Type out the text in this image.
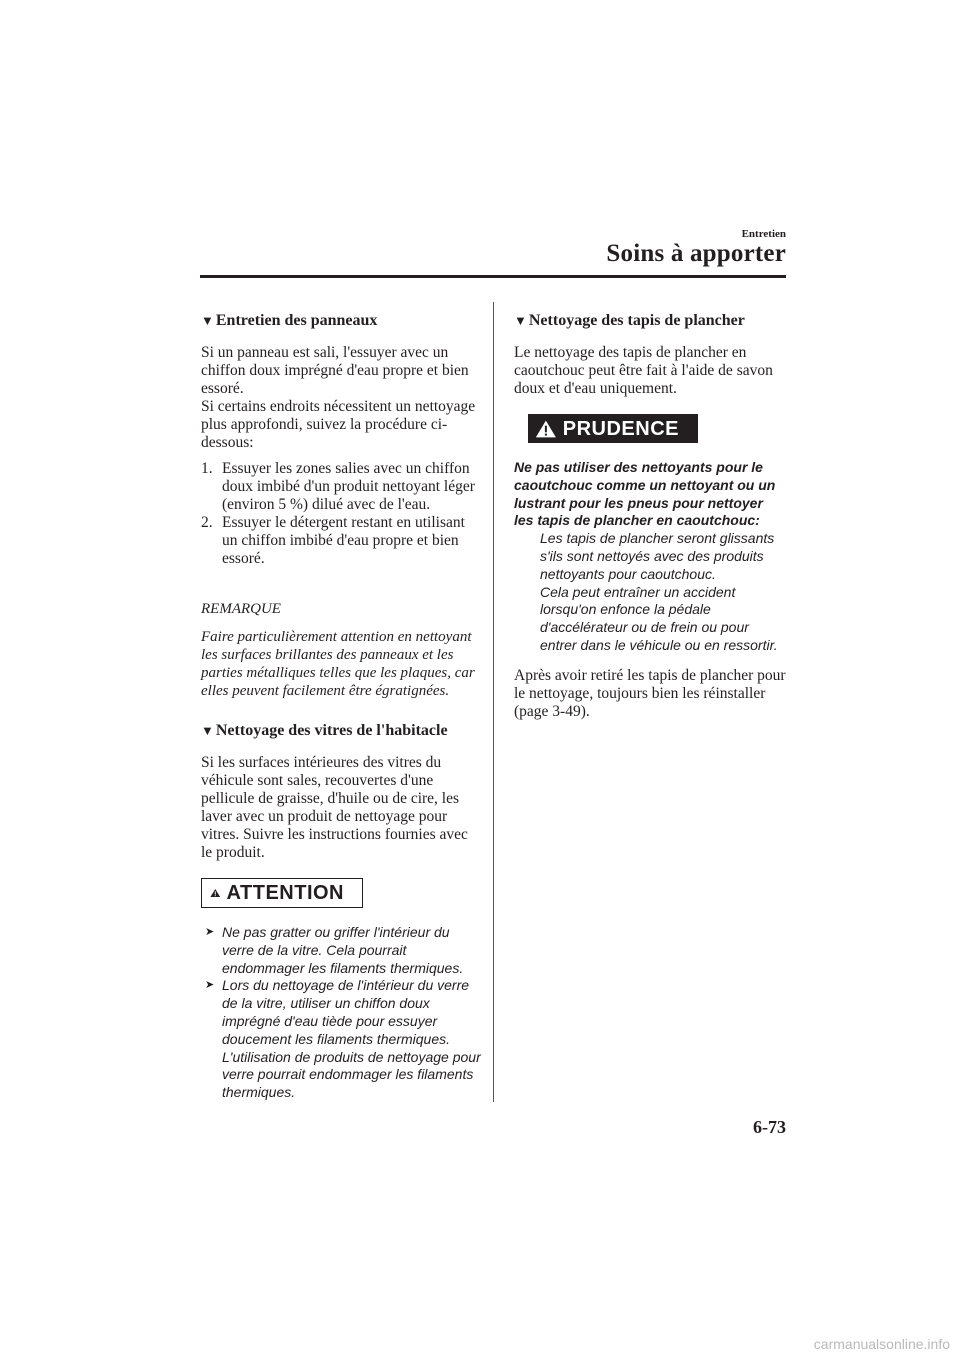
Entretien
Soins à apporter
▼ Entretien des panneaux

Si un panneau est sali, l'essuyer avec un chiffon doux imprégné d'eau propre et bien essoré.

Si certains endroits nécessitent un nettoyage plus approfondi, suivez la procédure ci-dessous:

1. Essuyer les zones salies avec un chiffon doux imbibé d'un produit nettoyant léger (environ 5 %) dilué avec de l'eau.
2. Essuyer le détergent restant en utilisant un chiffon imbibé d'eau propre et bien essoré.
REMARQUE
Faire particulièrement attention en nettoyant les surfaces brillantes des panneaux et les parties métalliques telles que les plaques, car elles peuvent facilement être égratignées.
▼ Nettoyage des vitres de l'habitacle

Si les surfaces intérieures des vitres du véhicule sont sales, recouvertes d'une pellicule de graisse, d'huile ou de cire, les laver avec un produit de nettoyage pour vitres. Suivre les instructions fournies avec le produit.

ATTENTION
➤ Ne pas gratter ou griffer l'intérieur du verre de la vitre. Cela pourrait endommager les filaments thermiques.
➤ Lors du nettoyage de l'intérieur du verre de la vitre, utiliser un chiffon doux imprégné d'eau tiède pour essuyer doucement les filaments thermiques. L'utilisation de produits de nettoyage pour verre pourrait endommager les filaments thermiques.
▼ Nettoyage des tapis de plancher

Le nettoyage des tapis de plancher en caoutchouc peut être fait à l'aide de savon doux et d'eau uniquement.

PRUDENCE

Ne pas utiliser des nettoyants pour le caoutchouc comme un nettoyant ou un lustrant pour les pneus pour nettoyer les tapis de plancher en caoutchouc:

Les tapis de plancher seront glissants s'ils sont nettoyés avec des produits nettoyants pour caoutchouc.
Cela peut entraîner un accident lorsqu'on enfonce la pédale d'accélérateur ou de frein ou pour entrer dans le véhicule ou en ressortir.

Après avoir retiré les tapis de plancher pour le nettoyage, toujours bien les réinstaller (page 3-49).

6-73
carmanualsonline.info
